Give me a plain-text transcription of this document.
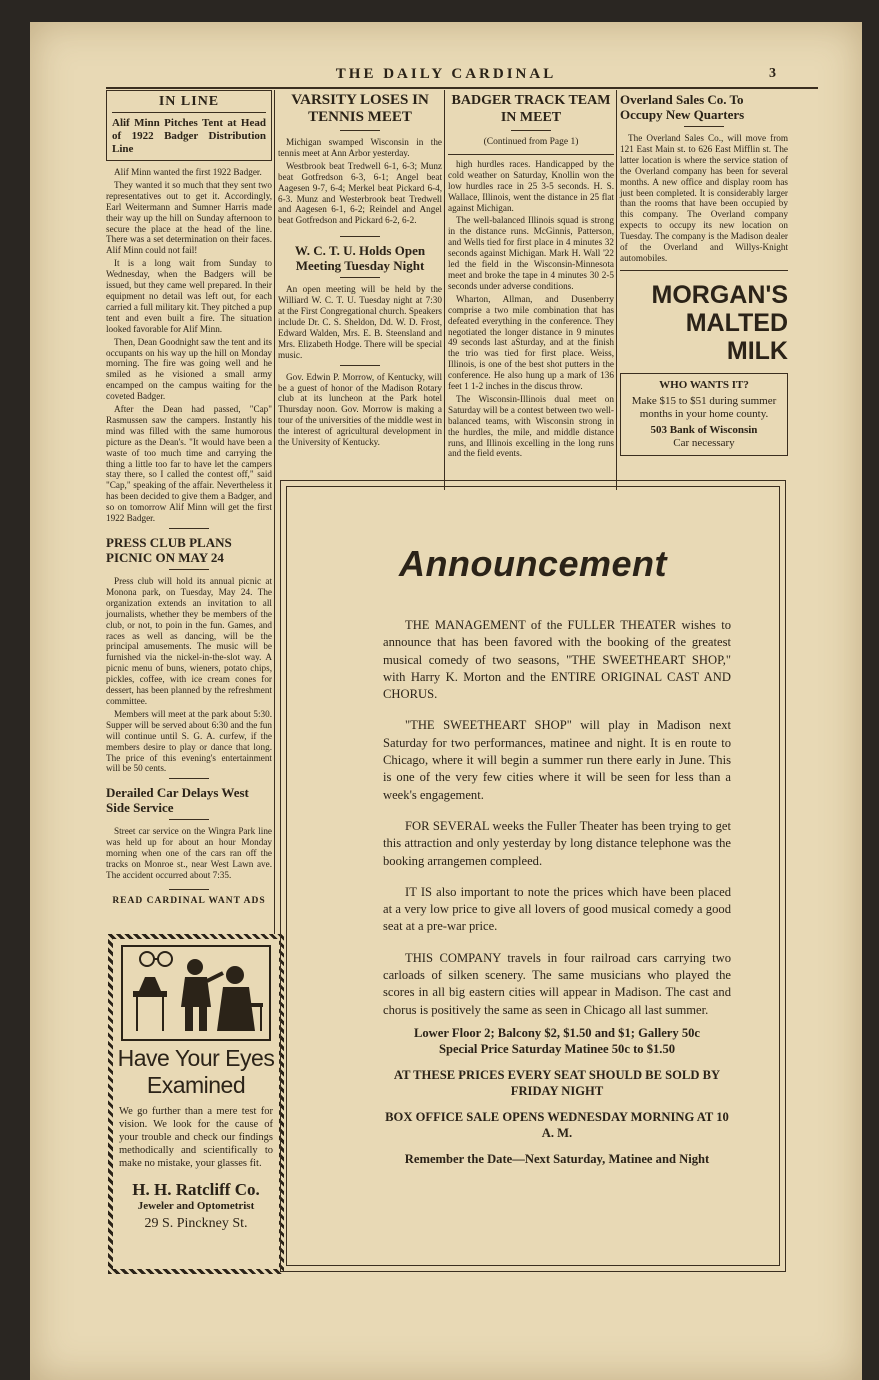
THE DAILY CARDINAL	3
IN LINE
Alif Minn Pitches Tent at Head of 1922 Badger Distribution Line

Alif Minn wanted the first 1922 Badger.

They wanted it so much that they sent two representatives out to get it. Accordingly, Earl Weitermann and Sumner Harris made their way up the hill on Sunday afternoon to secure the place at the head of the line. There was a set determination on their faces. Alif Minn could not fail!

It is a long wait from Sunday to Wednesday, when the Badgers will be issued, but they came well prepared. In their equipment no detail was left out, for each carried a full military kit. They pitched a pup tent and even built a fire. The situation looked favorable for Alif Minn.

Then, Dean Goodnight saw the tent and its occupants on his way up the hill on Monday morning. The fire was going well and he smiled as he visioned a small army encamped on the campus waiting for the coveted Badger.

After the Dean had passed, "Cap" Rasmussen saw the campers. Instantly his mind was filled with the same humorous picture as the Dean's. "It would have been a waste of too much time and carrying the thing a little too far to have let the campers stay there, so I called the contest off," said "Cap," speaking of the affair. Nevertheless it has been decided to give them a Badger, and so on tomorrow Alif Minn will get the first 1922 Badger.

PRESS CLUB PLANS PICNIC ON MAY 24

Press club will hold its annual picnic at Monona park, on Tuesday, May 24. The organization extends an invitation to all journalists, whether they be members of the club, or not, to poin in the fun. Games, and races as well as dancing, will be the principal amusements. The music will be furnished via the nickel-in-the-slot way. A picnic menu of buns, wieners, potato chips, pickles, coffee, with ice cream cones for dessert, has been planned by the refreshment committee.

Members will meet at the park about 5:30. Supper will be served about 6:30 and the fun will continue until S. G. A. curfew, if the members desire to play or dance that long. The price of this evening's entertainment will be 50 cents.

Derailed Car Delays West Side Service

Street car service on the Wingra Park line was held up for about an hour Monday morning when one of the cars ran off the tracks on Monroe st., near West Lawn ave. The accident occurred about 7:35.

READ CARDINAL WANT ADS
VARSITY LOSES IN TENNIS MEET

Michigan swamped Wisconsin in the tennis meet at Ann Arbor yesterday.

Westbrook beat Tredwell 6-1, 6-3; Munz beat Gotfredson 6-3, 6-1; Angel beat Aagesen 9-7, 6-4; Merkel beat Pickard 6-4, 6-3. Munz and Westerbrook beat Tredwell and Aagesen 6-1, 6-2; Reindel and Angel beat Gotfredson and Pickard 6-2, 6-2.

W. C. T. U. Holds Open Meeting Tuesday Night

An open meeting will be held by the Williard W. C. T. U. Tuesday night at 7:30 at the First Congregational church. Speakers include Dr. C. S. Sheldon, Dd. W. D. Frost, Edward Walden, Mrs. E. B. Steensland and Mrs. Elizabeth Hodge. There will be special music.

Gov. Edwin P. Morrow, of Kentucky, will be a guest of honor of the Madison Rotary club at its luncheon at the Park hotel Thursday noon. Gov. Morrow is making a tour of the universities of the middle west in the interest of agricultural development in the University of Kentucky.

BADGER TRACK TEAM IN MEET
(Continued from Page 1)

high hurdles races. Handicapped by the cold weather on Saturday, Knollin won the low hurdles race in 25 3-5 seconds. H. S. Wallace, Illinois, went the distance in 25 flat against Michigan.

The well-balanced Illinois squad is strong in the distance runs. McGinnis, Patterson, and Wells tied for first place in 4 minutes 32 seconds against Michigan. Mark H. Wall '22 led the field in the Wisconsin-Minnesota meet and broke the tape in 4 minutes 30 2-5 seconds under adverse conditions.

Wharton, Allman, and Dusenberry comprise a two mile combination that has defeated everything in the conference. They negotiated the longer distance in 9 minutes 49 seconds last aSturday, and at the finish the trio was tied for first place. Weiss, Illinois, is one of the best shot putters in the conference. He also hung up a mark of 136 feet 1 1-2 inches in the discus throw.

The Wisconsin-Illinois dual meet on Saturday will be a contest between two well-balanced teams, with Wisconsin strong in the hurdles, the mile, and middle distance runs, and Illinois excelling in the long runs and the field events.

Overland Sales Co. To Occupy New Quarters

The Overland Sales Co., will move from 121 East Main st. to 626 East Mifflin st. The latter location is where the service station of the Overland company has been for several months. A new office and display room has just been completed. It is considerably larger than the rooms that have been occupied by this company. The Overland company expects to occupy its new location on Tuesday. The company is the Madison dealer of the Overland and Willys-Knight automobiles.

MORGAN'S
MALTED
MILK
WHO WANTS IT?
Make $15 to $51 during summer months in your home county.
503 Bank of Wisconsin
Car necessary
Have Your Eyes
Examined
We go further than a mere test for vision. We look for the cause of your trouble and check our findings methodically and scientifically to make no mistake, your glasses fit.
H. H. Ratcliff Co.
Jeweler and Optometrist
29 S. Pinckney St.
Announcement

THE MANAGEMENT of the FULLER THEATER wishes to announce that has been favored with the booking of the greatest musical comedy of two seasons, "THE SWEETHEART SHOP," with Harry K. Morton and the ENTIRE ORIGINAL CAST AND CHORUS.

"THE SWEETHEART SHOP" will play in Madison next Saturday for two performances, matinee and night. It is en route to Chicago, where it will begin a summer run there early in June. This is one of the very few cities where it will be seen for less than a week's engagement.

FOR SEVERAL weeks the Fuller Theater has been trying to get this attraction and only yesterday by long distance telephone was the booking arrangemen compleed.

IT IS also important to note the prices which have been placed at a very low price to give all lovers of good musical comedy a good seat at a pre-war price.

THIS COMPANY travels in four railroad cars carrying two carloads of silken scenery. The same musicians who played the scores in all big eastern cities will appear in Madison. The cast and chorus is positively the same as seen in Chicago all last summer.

Lower Floor 2; Balcony $2, $1.50 and $1; Gallery 50c

Special Price Saturday Matinee 50c to $1.50

AT THESE PRICES EVERY SEAT SHOULD BE SOLD BY FRIDAY NIGHT

BOX OFFICE SALE OPENS WEDNESDAY MORNING AT 10 A. M.

Remember the Date—Next Saturday, Matinee and Night
